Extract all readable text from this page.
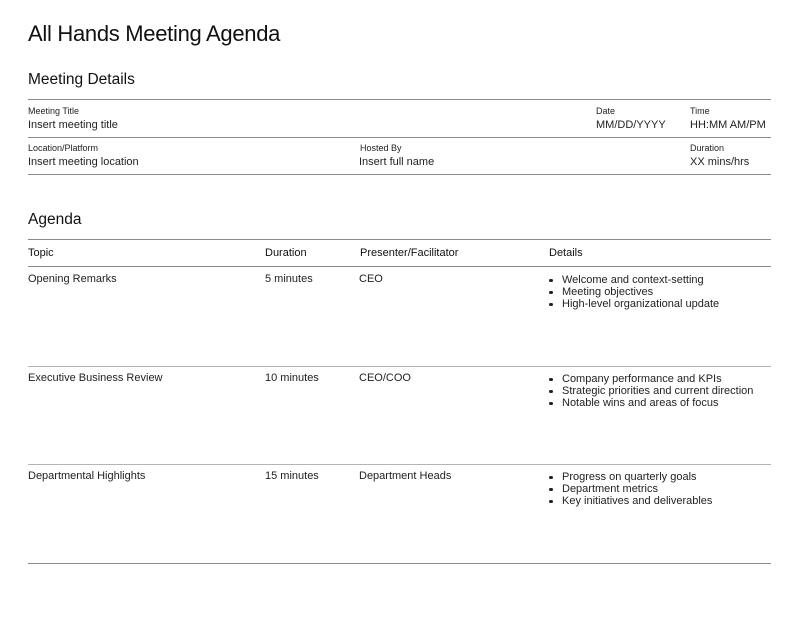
All Hands Meeting Agenda
Meeting Details
Meeting Title
Insert meeting title
Date
MM/DD/YYYY
Time
HH:MM AM/PM
Location/Platform
Insert meeting location
Hosted By
Insert full name
Duration
XX mins/hrs
Agenda
Topic	Duration	Presenter/Facilitator	Details
Opening Remarks	5 minutes	CEO	Welcome and context-setting
Meeting objectives
High-level organizational update
Executive Business Review	10 minutes	CEO/COO	Company performance and KPIs
Strategic priorities and current direction
Notable wins and areas of focus
Departmental Highlights	15 minutes	Department Heads	Progress on quarterly goals
Department metrics
Key initiatives and deliverables
